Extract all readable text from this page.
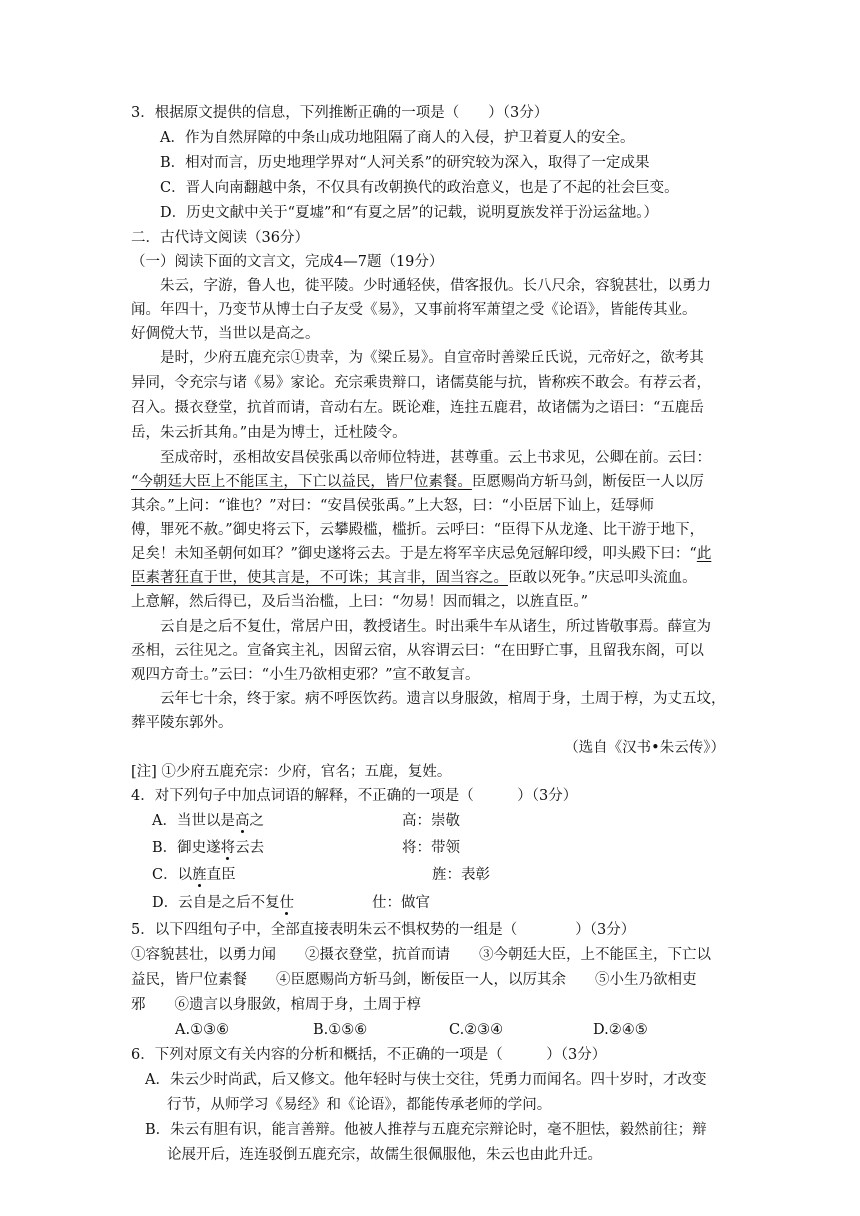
3．根据原文提供的信息，下列推断正确的一项是（　　）（3分）
A．作为自然屏障的中条山成功地阻隔了商人的入侵，护卫着夏人的安全。
B．相对而言，历史地理学界对“人河关系”的研究较为深入，取得了一定成果
C．晋人向南翻越中条，不仅具有改朝换代的政治意义，也是了不起的社会巨变。
D．历史文献中关于“夏墟”和“有夏之居”的记载，说明夏族发祥于汾运盆地。）
二．古代诗文阅读（36分）
（一）阅读下面的文言文，完成4—7题（19分）
朱云，字游，鲁人也，徙平陵。少时通轻侠，借客报仇。长八尺余，容貌甚壮，以勇力
闻。年四十，乃变节从博士白子友受《易》，又事前将军萧望之受《论语》，皆能传其业。
好倜傥大节，当世以是高之。
是时，少府五鹿充宗①贵幸，为《梁丘易》。自宣帝时善梁丘氏说，元帝好之，欲考其
异同，令充宗与诸《易》家论。充宗乘贵辩口，诸儒莫能与抗，皆称疾不敢会。有荐云者，
召入。摄衣登堂，抗首而请，音动右左。既论难，连拄五鹿君，故诸儒为之语曰：“五鹿岳
岳，朱云折其角。”由是为博士，迁杜陵令。
至成帝时，丞相故安昌侯张禹以帝师位特进，甚尊重。云上书求见，公卿在前。云曰：
“今朝廷大臣上不能匡主，下亡以益民，皆尸位素餐。臣愿赐尚方斩马剑，断佞臣一人以厉
其余。”上问：“谁也？”对曰：“安昌侯张禹。”上大怒，曰：“小臣居下讪上，廷辱师
傅，罪死不赦。”御史将云下，云攀殿槛，槛折。云呼曰：“臣得下从龙逄、比干游于地下，
足矣！未知圣朝何如耳？”御史遂将云去。于是左将军辛庆忌免冠解印绶，叩头殿下曰：“此
臣素著狂直于世，使其言是，不可诛；其言非，固当容之。臣敢以死争。”庆忌叩头流血。
上意解，然后得已，及后当治槛，上曰：“勿易！因而辑之，以旌直臣。”
云自是之后不复仕，常居户田，教授诸生。时出乘牛车从诸生，所过皆敬事焉。薛宣为
丞相，云往见之。宣备宾主礼，因留云宿，从容谓云曰：“在田野亡事，且留我东阁，可以
观四方奇士。”云曰：“小生乃欲相吏邪？”宣不敢复言。
云年七十余，终于家。病不呼医饮药。遗言以身服敛，棺周于身，土周于椁，为丈五坟，
葬平陵东郭外。
（选自《汉书•朱云传》）
[注] ①少府五鹿充宗：少府，官名；五鹿，复姓。
4．对下列句子中加点词语的解释，不正确的一项是（　　　）（3分）
A．当世以是高之	高：崇敬
B．御史遂将云去	将：带领
C．以旌直臣	旌：表彰
D．云自是之后不复仕	仕：做官
5．以下四组句子中，全部直接表明朱云不惧权势的一组是（　　　　）（3分）
①容貌甚壮，以勇力闻　　②摄衣登堂，抗首而请　　③今朝廷大臣，上不能匡主，下亡以
益民，皆尸位素餐　　④臣愿赐尚方斩马剑，断佞臣一人，以厉其余　　⑤小生乃欲相吏
邪　　⑥遗言以身服敛，棺周于身，土周于椁
A.①③⑥	B.①⑤⑥	C.②③④	D.②④⑤
6．下列对原文有关内容的分析和概括，不正确的一项是（　　　）（3分）
A．朱云少时尚武，后又修文。他年轻时与侠士交往，凭勇力而闻名。四十岁时，才改变
行节，从师学习《易经》和《论语》，都能传承老师的学问。
B．朱云有胆有识，能言善辩。他被人推荐与五鹿充宗辩论时，毫不胆怯，毅然前往；辩
论展开后，连连驳倒五鹿充宗，故儒生很佩服他，朱云也由此升迁。
